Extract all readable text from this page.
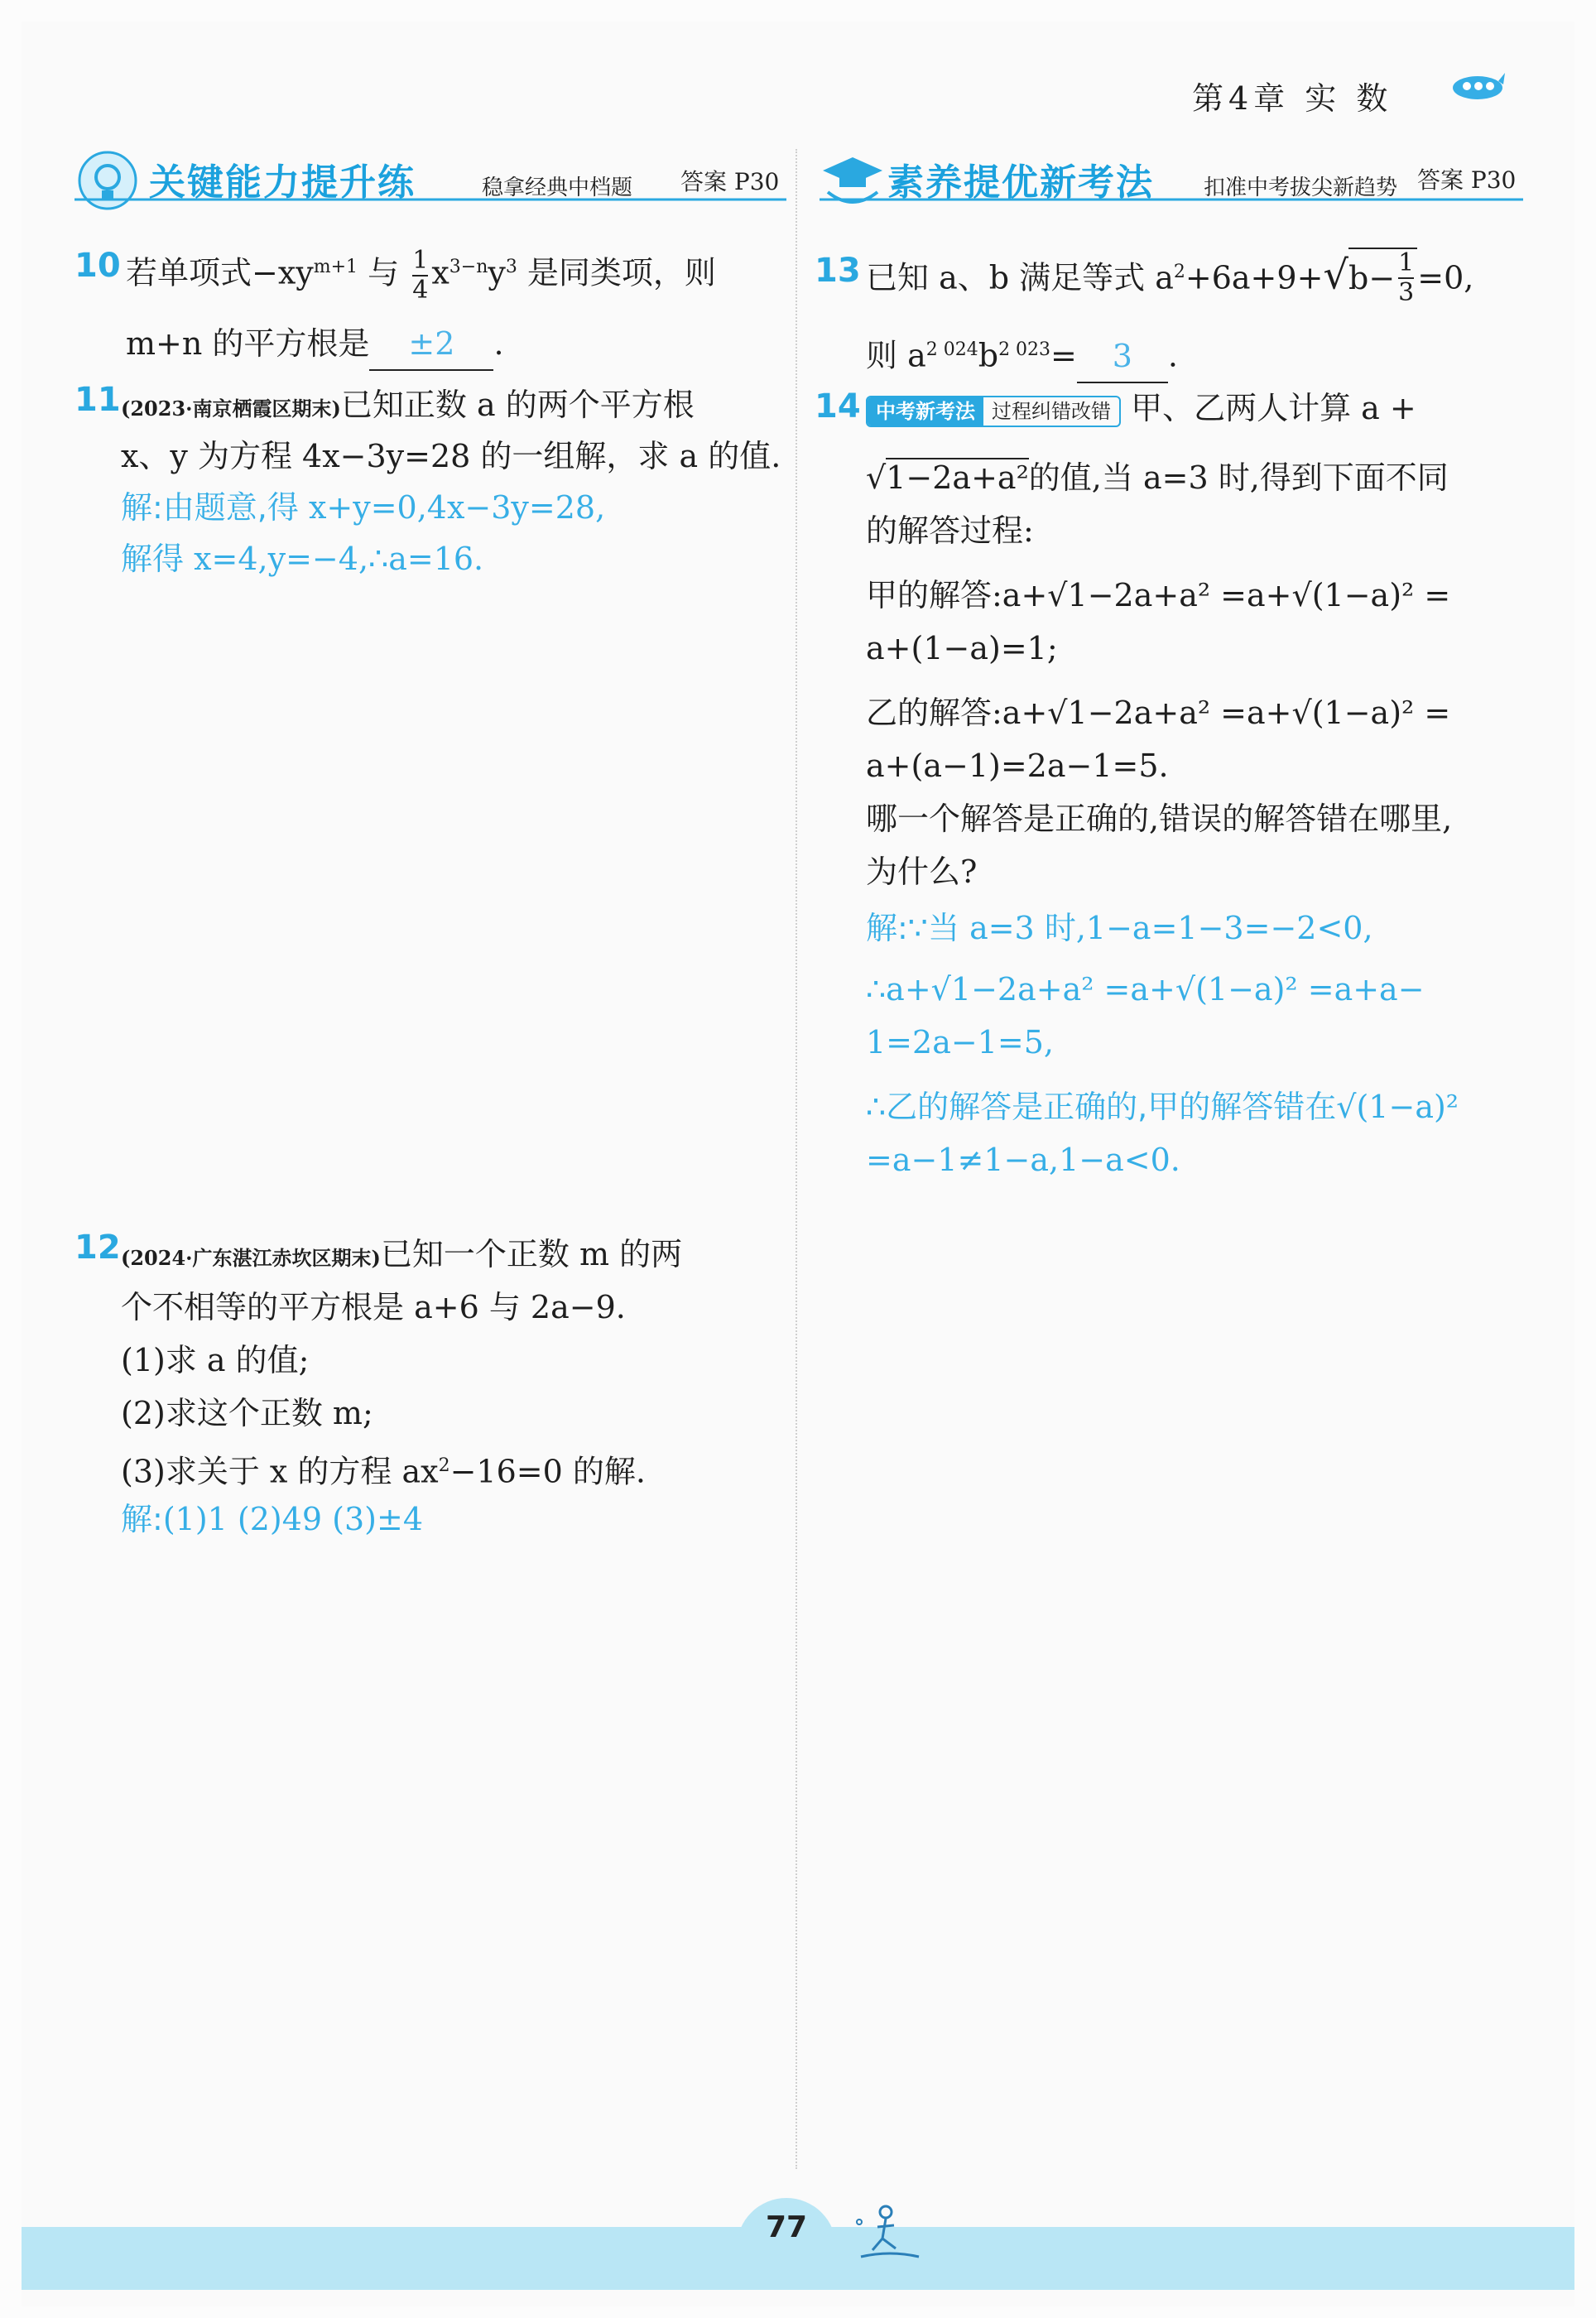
第4章 实 数
关键能力提升练	稳拿经典中档题 答案 P30	素养提优新考法 扣准中考拔尖新趋势 答案 P30
10 若单项式$-xy^{m+1}$ 与 $\frac{1}{4} x^{3-n}y^3$ 是同类项，则
m+n 的平方根是 ±2 .
11 (2023·南京栖霞区期末)已知正数 a 的两个平方根
x、y 为方程 4x−3y=28 的一组解，求 a 的值.
解:由题意,得 x+y=0,4x−3y=28,
解得 x=4,y=−4,∴a=16.
12 (2024·广东湛江赤坎区期末)已知一个正数 m 的两
个不相等的平方根是 a+6 与 2a−9.
(1)求 a 的值;
(2)求这个正数 m;
(3)求关于 x 的方程 $ax^2-16=0$ 的解.
解:(1)1 (2)49 (3)±4
13 已知 a、b 满足等式 $a^2+6a+9+√$ $b- \frac{1}{3} =0$,
则 $a^{2 024}b^{2 023}= 3$ .
14 中考新考法 过程纠错改错 甲、乙两人计算 a +
√1−2a+a²的值,当 a=3 时,得到下面不同
的解答过程:
甲的解答:a+√1−2a+a² =a+√(1−a)² =
a+(1−a)=1;
乙的解答:a+√1−2a+a² =a+√(1−a)² =
a+(a−1)=2a−1=5.
哪一个解答是正确的,错误的解答错在哪里,
为什么?
解:∵当 a=3 时,1−a=1−3=−2<0,
∴a+√1−2a+a² =a+√(1−a)² =a+a−
1=2a−1=5,
∴乙的解答是正确的,甲的解答错在√(1−a)²
=a−1≠1−a,1−a<0.
77
